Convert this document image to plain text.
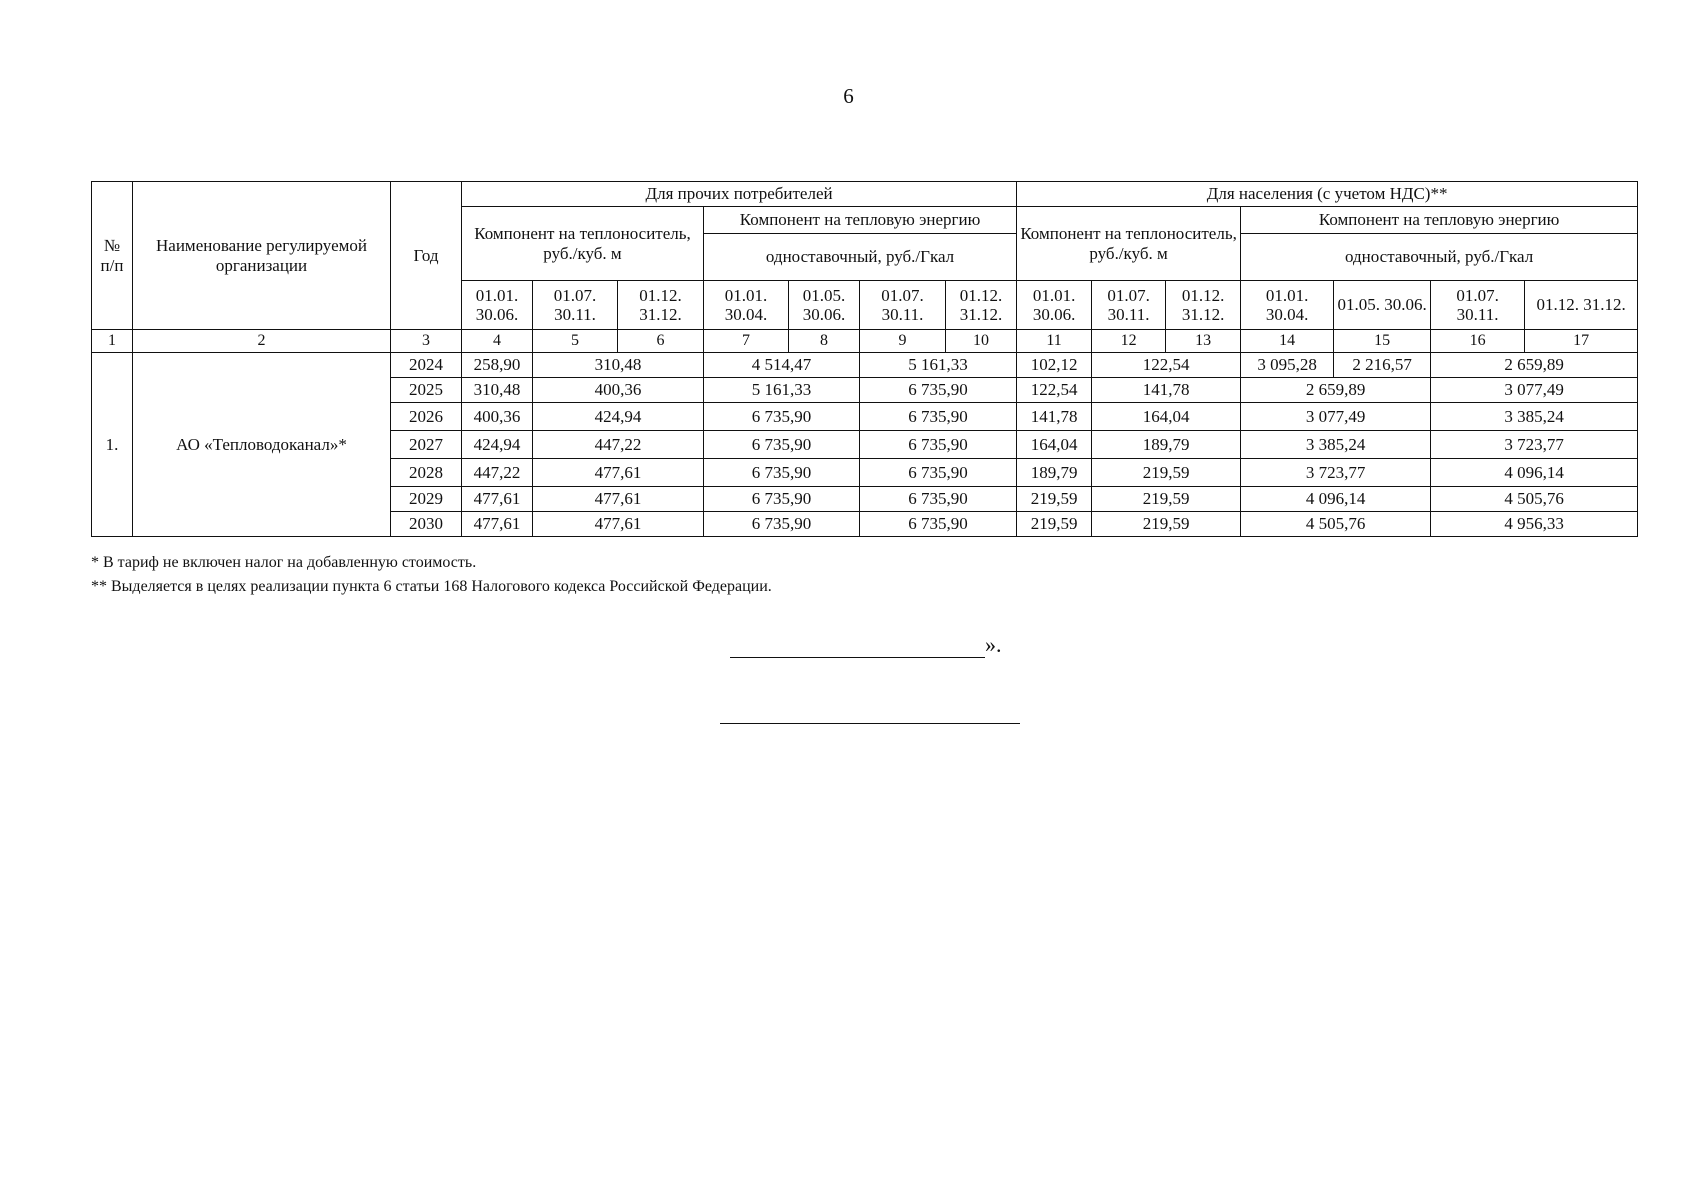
6
№ п/п	Наименование регулируемой организации	Год	Для прочих потребителей							Для населения (с учетом НДС)**						
			Компонент на теплоноситель, руб./куб. м			Компонент на тепловую энергию				Компонент на теплоноситель, руб./куб. м			Компонент на тепловую энергию			
						одноставочный, руб./Гкал							одноставочный, руб./Гкал			
			01.01. 30.06.	01.07. 30.11.	01.12. 31.12.	01.01. 30.04.	01.05. 30.06.	01.07. 30.11.	01.12. 31.12.	01.01. 30.06.	01.07. 30.11.	01.12. 31.12.	01.01. 30.04.	01.05. 30.06.	01.07. 30.11.	01.12. 31.12.
1	2	3	4	5	6	7	8	9	10	11	12	13	14	15	16	17
1.	АО «Тепловодоканал»*	2024	258,90	310,48		4 514,47		5 161,33		102,12	122,54		3 095,28	2 216,57	2 659,89	
		2025	310,48	400,36		5 161,33		6 735,90		122,54	141,78		2 659,89		3 077,49	
		2026	400,36	424,94		6 735,90		6 735,90		141,78	164,04		3 077,49		3 385,24	
		2027	424,94	447,22		6 735,90		6 735,90		164,04	189,79		3 385,24		3 723,77	
		2028	447,22	477,61		6 735,90		6 735,90		189,79	219,59		3 723,77		4 096,14	
		2029	477,61	477,61		6 735,90		6 735,90		219,59	219,59		4 096,14		4 505,76	
		2030	477,61	477,61		6 735,90		6 735,90		219,59	219,59		4 505,76		4 956,33	
* В тариф не включен налог на добавленную стоимость.
** Выделяется в целях реализации пункта 6 статьи 168 Налогового кодекса Российской Федерации.
».
